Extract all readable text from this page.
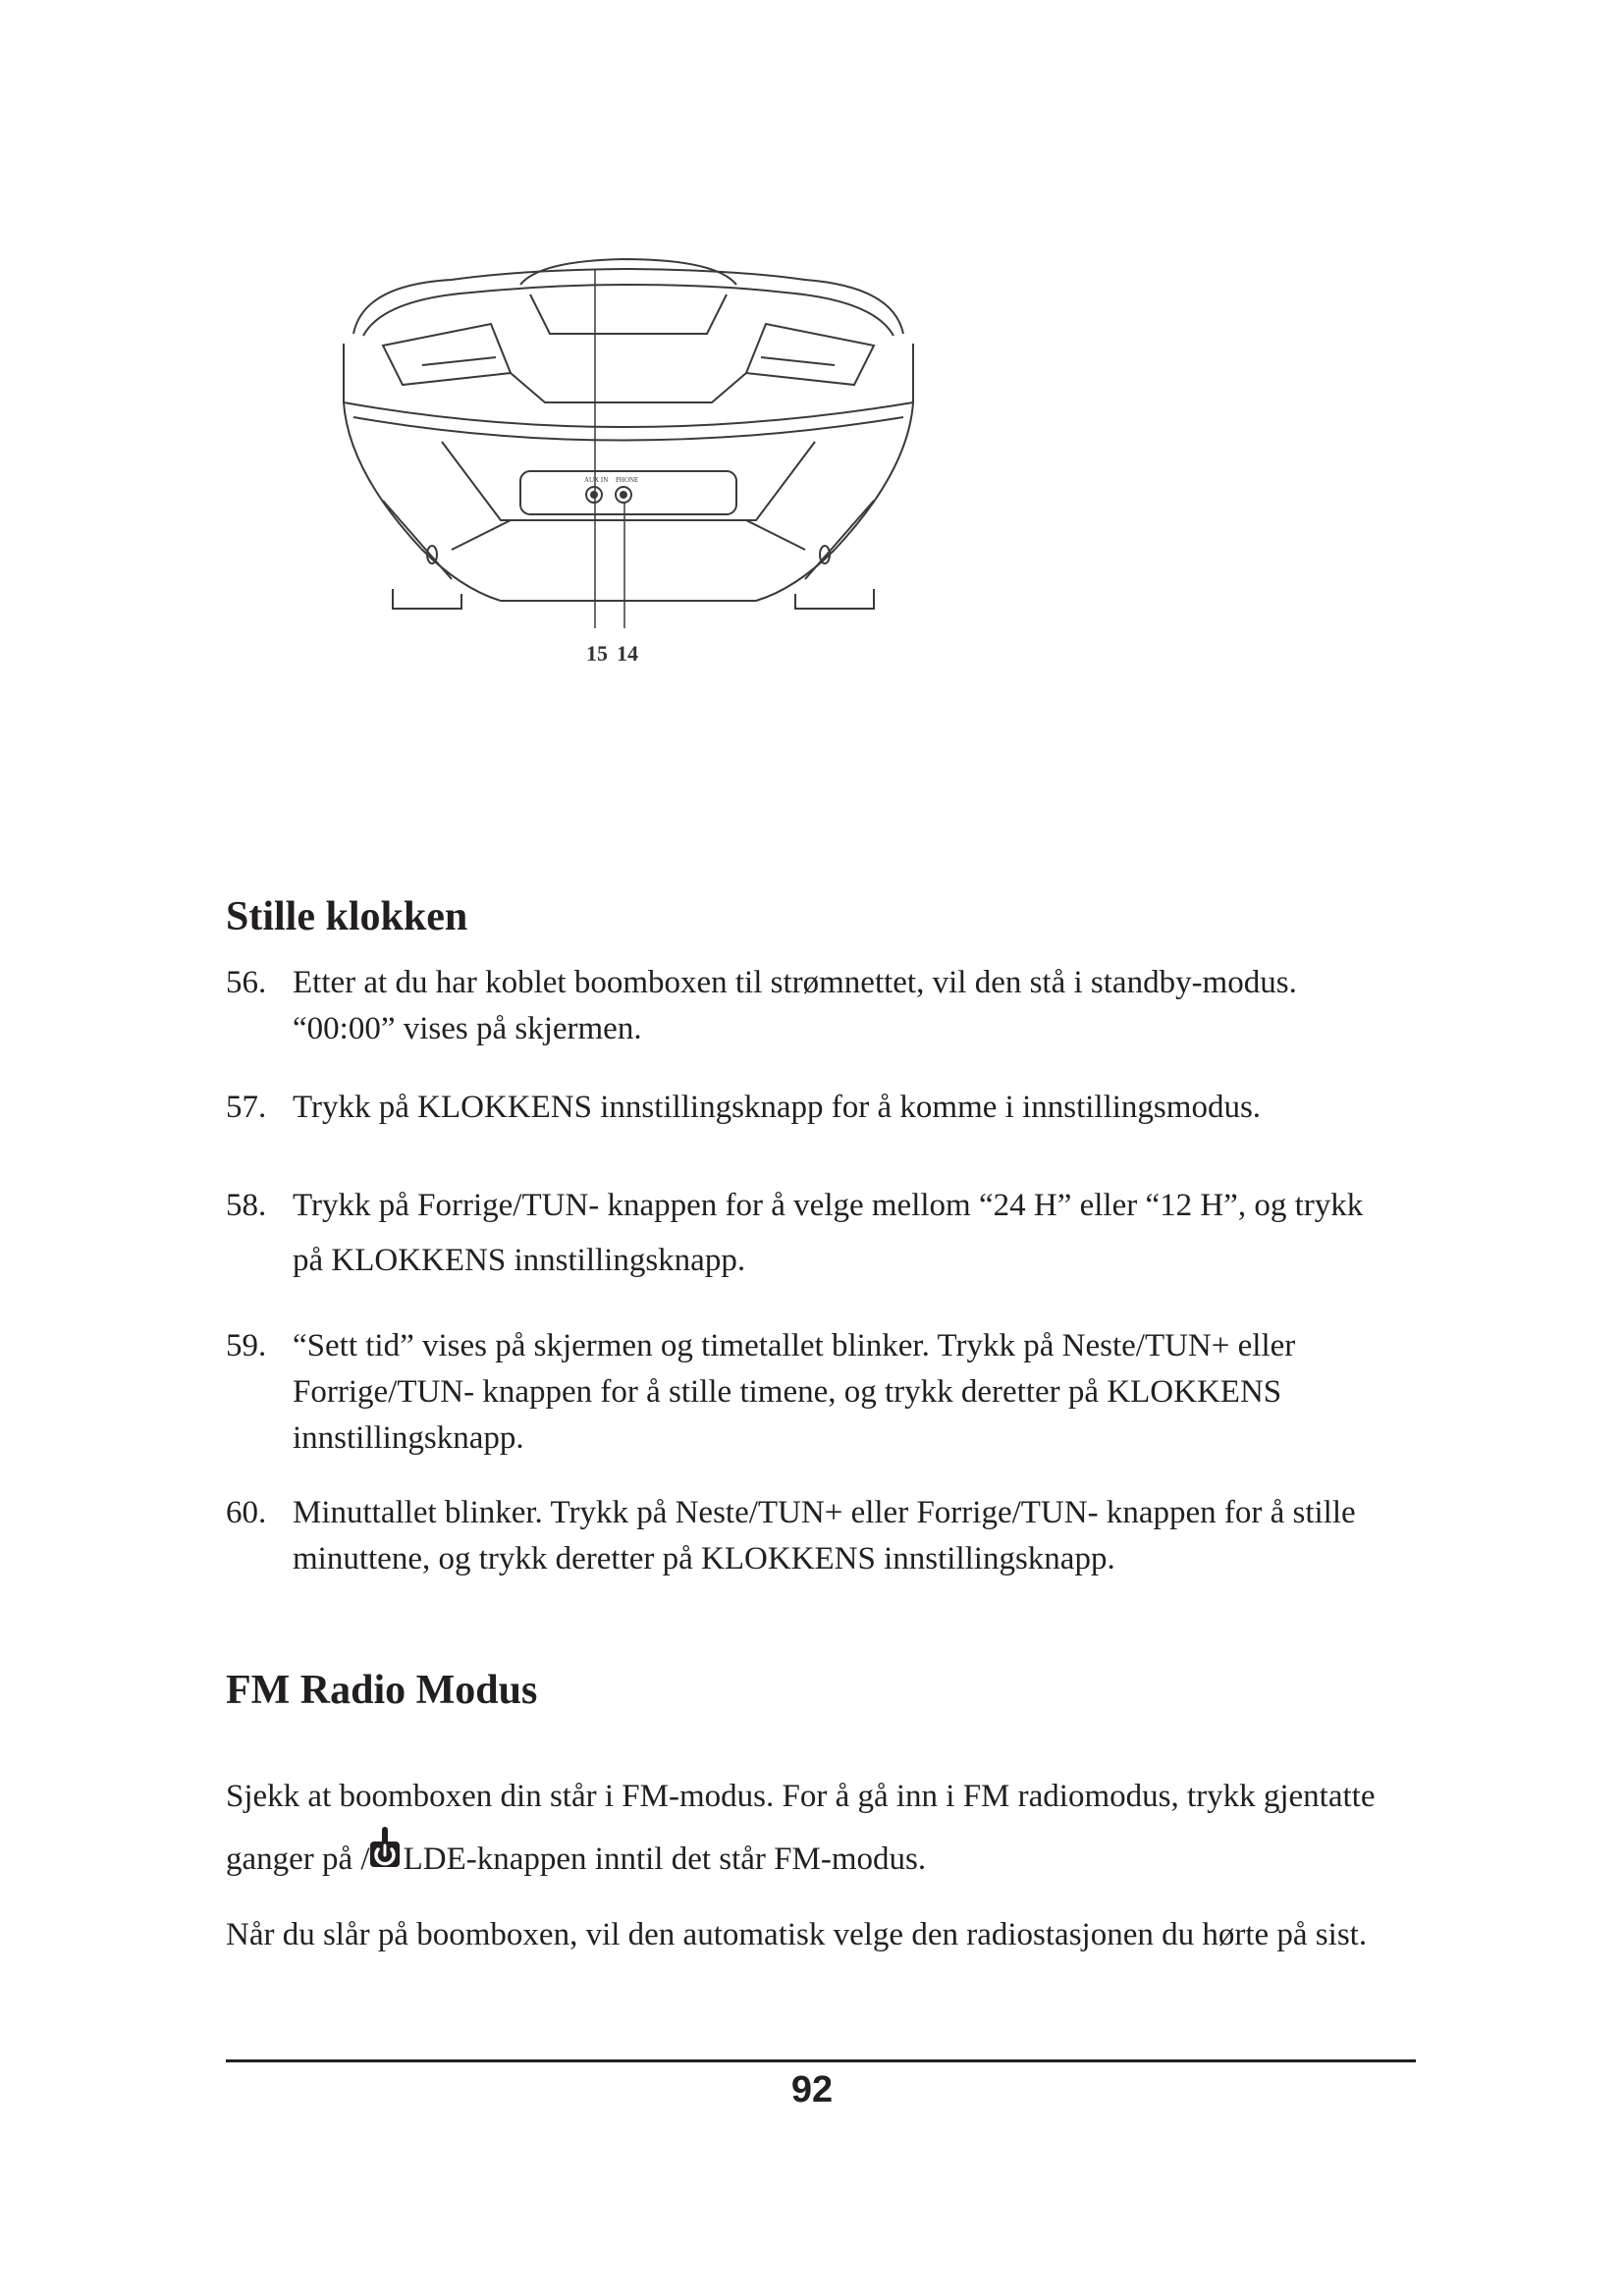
AUX IN PHONE
15 14
Stille klokken
56. Etter at du har koblet boomboxen til strømnettet, vil den stå i standby-modus. “00:00” vises på skjermen.
57. Trykk på KLOKKENS innstillingsknapp for å komme i innstillingsmodus.
58. Trykk på Forrige/TUN- knappen for å velge mellom “24 H” eller “12 H”, og trykk på KLOKKENS innstillingsknapp.
59. “Sett tid” vises på skjermen og timetallet blinker. Trykk på Neste/TUN+ eller Forrige/TUN- knappen for å stille timene, og trykk deretter på KLOKKENS innstillingsknapp.
60. Minuttallet blinker. Trykk på Neste/TUN+ eller Forrige/TUN- knappen for å stille minuttene, og trykk deretter på KLOKKENS innstillingsknapp.
FM Radio Modus

Sjekk at boomboxen din står i FM-modus. For å gå inn i FM radiomodus, trykk gjentatte ganger på / LDE-knappen inntil det står FM-modus.

Når du slår på boomboxen, vil den automatisk velge den radiostasjonen du hørte på sist.

92
